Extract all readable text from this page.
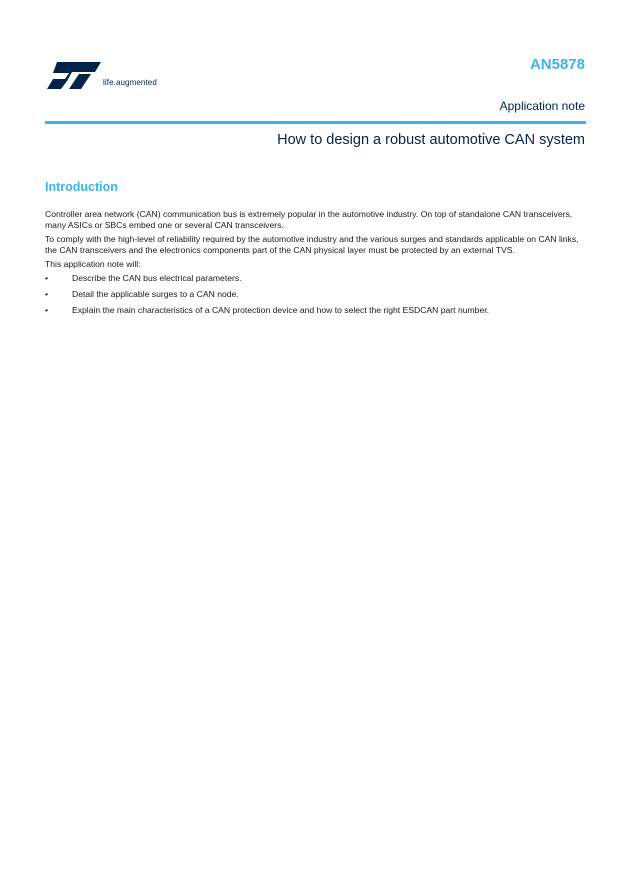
life.augmented
AN5878
Application note
How to design a robust automotive CAN system
Introduction

Controller area network (CAN) communication bus is extremely popular in the automotive industry. On top of standalone CAN transceivers, many ASICs or SBCs embed one or several CAN transceivers.

To comply with the high-level of reliability required by the automotive industry and the various surges and standards applicable on CAN links, the CAN transceivers and the electronics components part of the CAN physical layer must be protected by an external TVS.

This application note will:

•	Describe the CAN bus electrical parameters.
•	Detail the applicable surges to a CAN node.
•	Explain the main characteristics of a CAN protection device and how to select the right ESDCAN part number.
